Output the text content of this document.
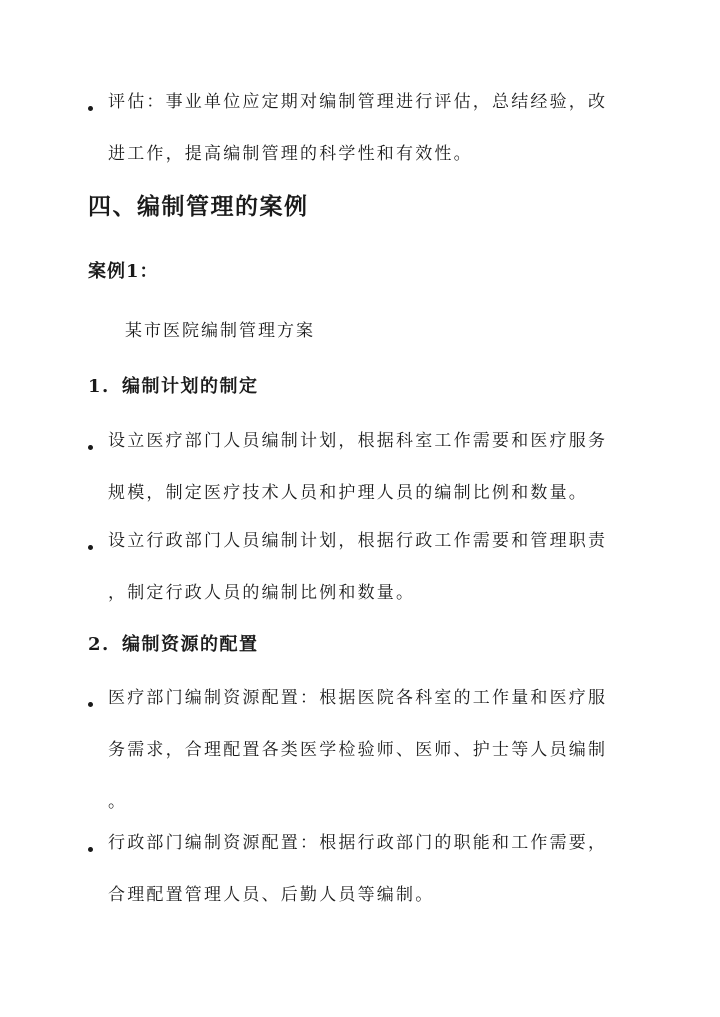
评估：事业单位应定期对编制管理进行评估，总结经验，改
进工作，提高编制管理的科学性和有效性。
四、编制管理的案例
案例1：
某市医院编制管理方案
1. 编制计划的制定
设立医疗部门人员编制计划，根据科室工作需要和医疗服务
规模，制定医疗技术人员和护理人员的编制比例和数量。
设立行政部门人员编制计划，根据行政工作需要和管理职责
，制定行政人员的编制比例和数量。
2. 编制资源的配置
医疗部门编制资源配置：根据医院各科室的工作量和医疗服
务需求，合理配置各类医学检验师、医师、护士等人员编制
。
行政部门编制资源配置：根据行政部门的职能和工作需要，
合理配置管理人员、后勤人员等编制。
